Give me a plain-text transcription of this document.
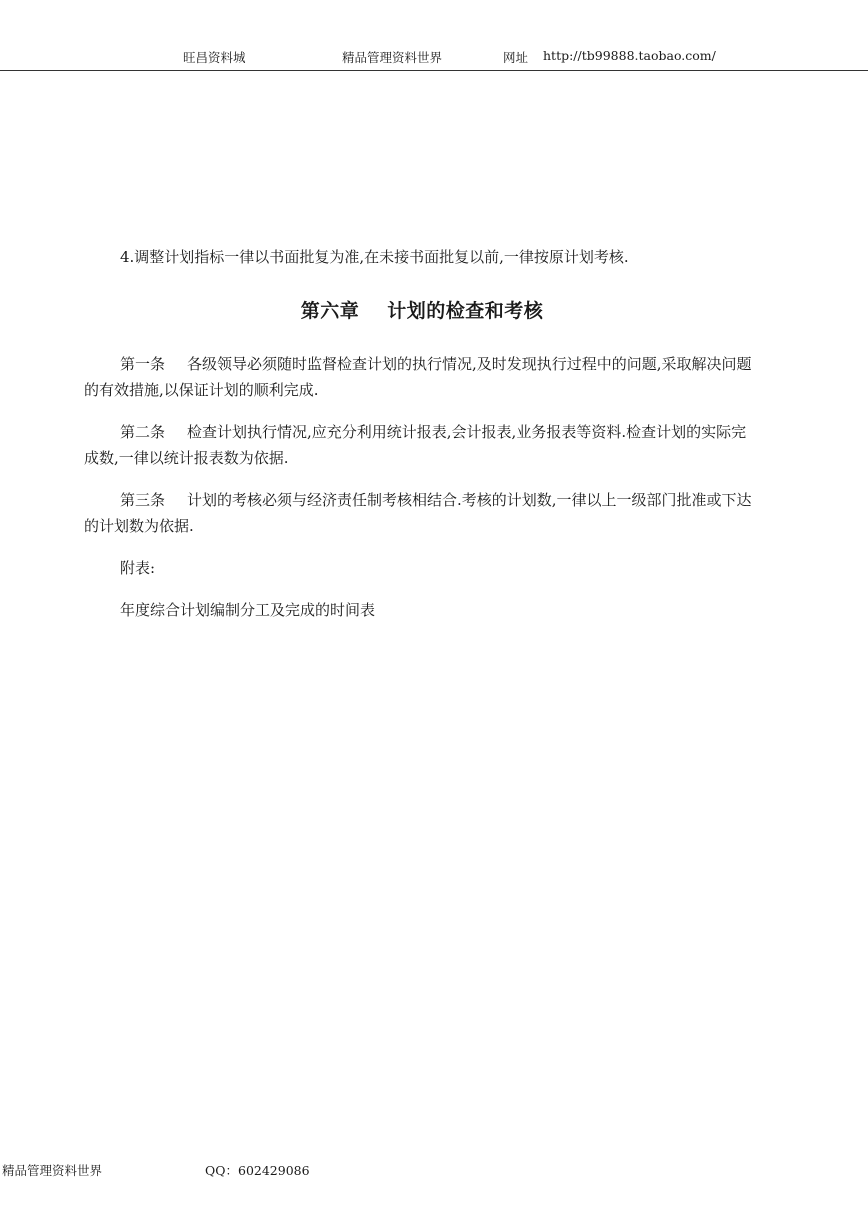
旺昌资料城	精品管理资料世界	网址 http://tb99888.taobao.com/

4.调整计划指标一律以书面批复为准,在未接书面批复以前,一律按原计划考核.

第六章 计划的检查和考核

第一条 各级领导必须随时监督检查计划的执行情况,及时发现执行过程中的问题,采取解决问题的有效措施,以保证计划的顺利完成.

第二条 检查计划执行情况,应充分利用统计报表,会计报表,业务报表等资料.检查计划的实际完成数,一律以统计报表数为依据.

第三条 计划的考核必须与经济责任制考核相结合.考核的计划数,一律以上一级部门批准或下达的计划数为依据.

附表:

年度综合计划编制分工及完成的时间表

精品管理资料世界	QQ：602429086
